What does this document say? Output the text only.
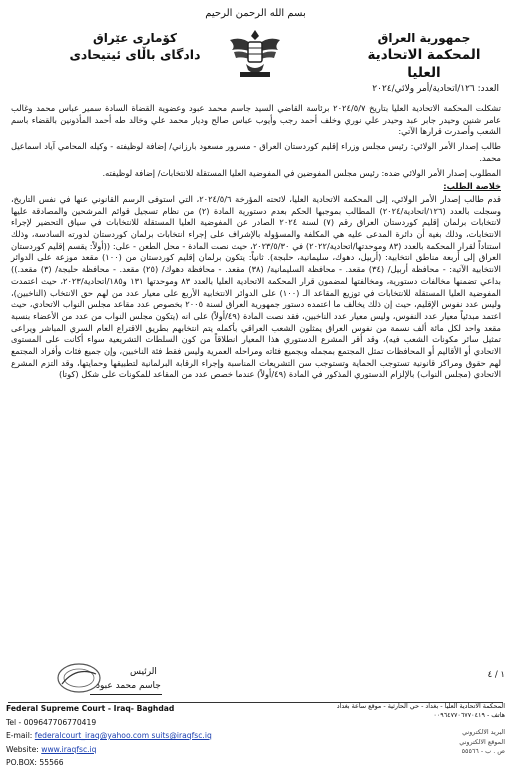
بسم الله الرحمن الرحيم
جمهورية العراق
المحكمة الاتحادية العليا
كۆماری عێراق
دادگای باڵای ئیتیحادی
العدد: ١٢٦/اتحادية/أمر ولائي/٢٠٢٤

تشكلت المحكمة الاتحادية العليا بتاريخ ٢٠٢٤/٥/٧ برئاسة القاضي السيد جاسم محمد عبود وعضوية القضاة السادة سمير عباس محمد وغالب عامر شنين وحيدر جابر عبد وحيدر علي نوري وخلف أحمد رجب وأيوب عباس صالح وديار محمد علي وخالد طه أحمد المأذونين بالقضاء باسم الشعب وأصدرت قرارها الآتي:

طالب إصدار الأمر الولائي: رئيس مجلس وزراء إقليم كوردستان العراق - مسرور مسعود بارزاني/ إضافة لوظيفته - وكيله المحامي آياد اسماعيل محمد.

المطلوب إصدار الأمر الولائي ضده: رئيس مجلس المفوضين في المفوضية العليا المستقلة للانتخابات/ إضافة لوظيفته.

خلاصة الطلب:

قدم طالب إصدار الأمر الولائي، إلى المحكمة الاتحادية العليا، لائحته المؤرخة ٢٠٢٤/٥/٦، التي استوفى الرسم القانوني عنها في نفس التاريخ، وسجلت بالعدد (١٢٦/اتحادية/٢٠٢٤) المطالب بموجبها الحكم بعدم دستورية المادة (٢) من نظام تسجيل قوائم المرشحين والمصادقة عليها لانتخابات برلمان إقليم كوردستان العراق رقم (٧) لسنة ٢٠٢٤ الصادر عن المفوضية العليا المستقلة للانتخابات في سياق التحضير لإجراء الانتخابات، وذلك بغية أن دائرة المدعى عليه هي المكلفة والمسؤولة بالإشراف على إجراء انتخابات برلمان كوردستان لدورته السادسة، وذلك استناداً لقرار المحكمة بالعدد (٨٣ وموحدتها/اتحادية/٢٠٢٢) في ٢٠٢٣/٥/٣٠، حيث نصت المادة - محل الطعن - على: ((أولاً: يقسم إقليم كوردستان العراق إلى أربعة مناطق انتخابية: (أربيل، دهوك، سليمانية، حلبجة). ثانياً: يتكون برلمان إقليم كوردستان من (١٠٠) مقعد موزعة على الدوائر الانتخابية الآتية: - محافظة أربيل/ (٣٤) مقعد. - محافظة السليمانية/ (٣٨) مقعد. - محافظة دهوك/ (٢٥) مقعد. - محافظة حلبجة/ (٣) مقعد.)) بداعي تضمنها مخالفات دستورية، ومخالفتها لمضمون قرار المحكمة الاتحادية العليا بالعدد ٨٣ وموحدتها ١٣١ و١٨٥/اتحادية/٢٠٢٣، حيث اعتمدت المفوضية العليا المستقلة للانتخابات في توزيع المقاعد الـ (١٠٠) على الدوائر الانتخابية الأربع على معيار عدد من لهم حق الانتخاب (الناخبين)، وليس عدد نفوس الإقليم، حيث إن ذلك يخالف ما اعتمده دستور جمهورية العراق لسنة ٢٠٠٥ بخصوص عدد مقاعد مجلس النواب الاتحادي، حيث اعتمد مبدئياً معيار عدد النفوس، وليس معيار عدد الناخبين، فقد نصت المادة (٤٩/أولاً) على انه (يتكون مجلس النواب من عدد من الأعضاء بنسبة مقعد واحد لكل مائة ألف نسمة من نفوس العراق يمثلون الشعب العراقي بأكمله يتم انتخابهم بطريق الاقتراع العام السري المباشر ويراعى تمثيل سائر مكونات الشعب فيه)، وقد أقر المشرع الدستوري هذا المعيار انطلاقاً من كون السلطات التشريعية سواء أكانت على المستوى الاتحادي أو الأقاليم أو المحافظات تمثل المجتمع بمجمله وبجميع فئاته ومراحله العمرية وليس فقط فئة الناخبين، وإن جميع فئات وأفراد المجتمع لهم حقوق ومراكز قانونية تستوجب الحماية وتستوجب سن التشريعات المناسبة وإجراء الرقابة البرلمانية لتطبيقها وحمايتها، وقد التزم المشرع الاتحادي (مجلس النواب) بالإلزام الدستوري المذكور في المادة (٤٩/أولاً) عندما خصص عدد من المقاعد للمكونات على شكل (كوتا)

الرئيس
جاسم محمد عبود
١ / ٤
Federal Supreme Court - Iraq- Baghdad
Tel - 009647706770419
E-mail: federalcourt_iraq@yahoo.com suits@iraqfsc.iq
Website: www.iraqfsc.iq
PO.BOX: 55566
المحكمة الاتحادية العليا - بغداد - حي الحارثية - موقع ساعة بغداد
هاتف - ٠٠٩٦٤٧٧٠٦٧٧٠٤١٩
البريد الالكتروني
الموقع الالكتروني
ص . ب - ٥٥٥٦٦
